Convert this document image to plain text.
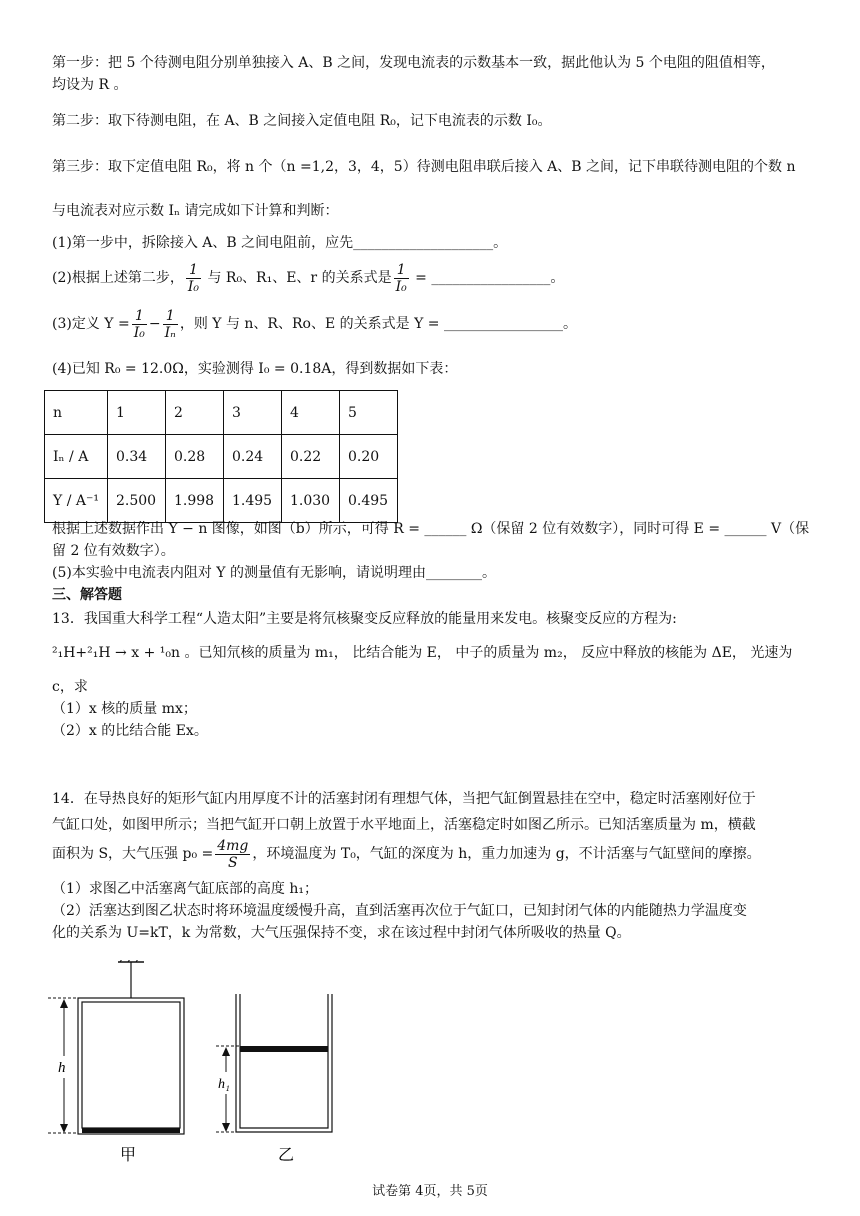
第一步：把 5 个待测电阻分别单独接入 A、B 之间，发现电流表的示数基本一致，据此他认为 5 个电阻的阻值相等，
均设为 R 。
第二步：取下待测电阻，在 A、B 之间接入定值电阻 R₀，记下电流表的示数 I₀。
第三步：取下定值电阻 R₀，将 n 个（n =1,2，3，4，5）待测电阻串联后接入 A、B 之间，记下串联待测电阻的个数 n
与电流表对应示数 Iₙ 请完成如下计算和判断：
(1)第一步中，拆除接入 A、B 之间电阻前，应先____________________。
(2)根据上述第二步， $\frac{1}{\text{I₀}}$ 与 R₀、R₁、E、r 的关系式是 $\frac{1}{\text{I₀}}$ = _________________。
(3)定义 $Y = \frac{1}{\text{I₀}} - \frac{1}{\text{Iₙ}}$ ，则 Y 与 n、R、Ro、E 的关系式是 Y = _________________。
(4)已知 R₀ = 12.0Ω，实验测得 I₀ = 0.18A，得到数据如下表：
n	1	2	3	4	5
Iₙ / A	0.34	0.28	0.24	0.22	0.20
Y / A⁻¹	2.500	1.998	1.495	1.030	0.495
根据上述数据作出 Y − n 图像，如图（b）所示，可得 R = ______ Ω（保留 2 位有效数字），同时可得 E = ______ V（保
留 2 位有效数字）。
(5)本实验中电流表内阻对 Y 的测量值有无影响，请说明理由________。
三、解答题
13．我国重大科学工程“人造太阳”主要是将氘核聚变反应释放的能量用来发电。核聚变反应的方程为:
²₁H+²₁H → x + ¹₀n 。已知氘核的质量为 m₁， 比结合能为 E， 中子的质量为 m₂， 反应中释放的核能为 ΔE， 光速为
c，求
（1）x 核的质量 mx；
（2）x 的比结合能 Ex。
14．在导热良好的矩形气缸内用厚度不计的活塞封闭有理想气体，当把气缸倒置悬挂在空中，稳定时活塞刚好位于
气缸口处，如图甲所示；当把气缸开口朝上放置于水平地面上，活塞稳定时如图乙所示。已知活塞质量为 m，横截
面积为 S，大气压强 $p_0 = \frac{4mg}{S}$ ，环境温度为 T₀，气缸的深度为 h，重力加速为 g，不计活塞与气缸壁间的摩擦。
（1）求图乙中活塞离气缸底部的高度 h₁；
（2）活塞达到图乙状态时将环境温度缓慢升高，直到活塞再次位于气缸口，已知封闭气体的内能随热力学温度变
化的关系为 U=kT，k 为常数，大气压强保持不变，求在该过程中封闭气体所吸收的热量 Q。
h
甲
h₁
乙
试卷第 4页，共 5页
